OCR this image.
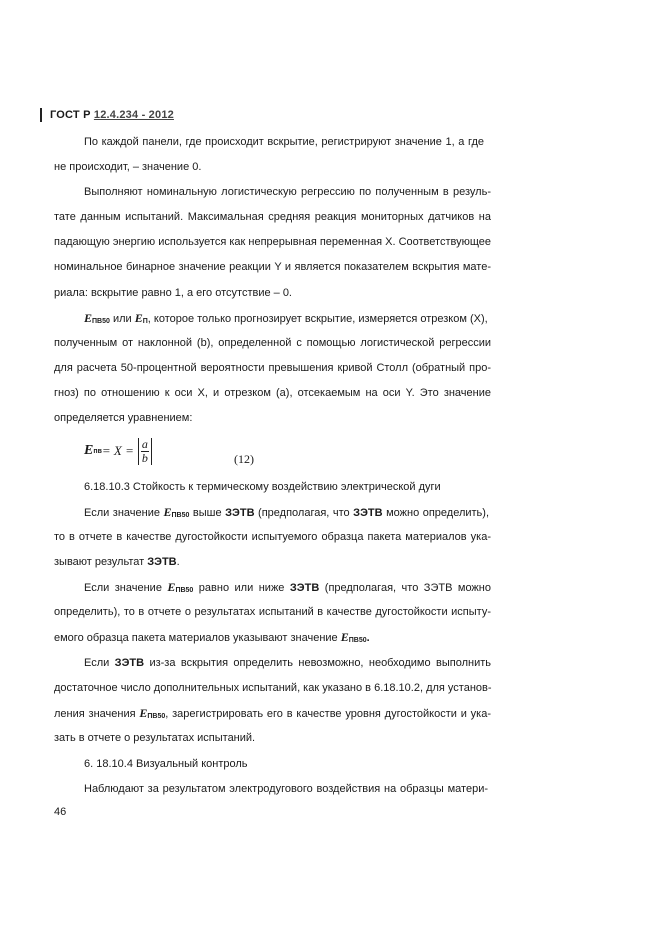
ГОСТ Р 12.4.234 - 2012
По каждой панели, где происходит вскрытие, регистрируют значение 1, а где
не происходит, – значение 0.
Выполняют номинальную логистическую регрессию по полученным в резуль-
тате данным испытаний. Максимальная средняя реакция мониторных датчиков на
падающую энергию используется как непрерывная переменная X. Соответствующее
номинальное бинарное значение реакции Y и является показателем вскрытия мате-
риала: вскрытие равно 1, а его отсутствие – 0.
EПВ50 или EП, которое только прогнозирует вскрытие, измеряется отрезком (X),
полученным от наклонной (b), определенной с помощью логистической регрессии
для расчета 50-процентной вероятности превышения кривой Столл (обратный про-
гноз) по отношению к оси X, и отрезком (a), отсекаемым на оси Y. Это значение
определяется уравнением:
E пв = $X = \frac{a}{b}$	(12)
6.18.10.3 Стойкость к термическому воздействию электрической дуги
Если значение EПВ50 выше ЗЭТВ (предполагая, что ЗЭТВ можно определить),
то в отчете в качестве дугостойкости испытуемого образца пакета материалов ука-
зывают результат ЗЭТВ.
Если значение EПВ50 равно или ниже ЗЭТВ (предполагая, что ЗЭТВ можно
определить), то в отчете о результатах испытаний в качестве дугостойкости испыту-
емого образца пакета материалов указывают значение EПВ50.
Если ЗЭТВ из-за вскрытия определить невозможно, необходимо выполнить
достаточное число дополнительных испытаний, как указано в 6.18.10.2, для установ-
ления значения EПВ50, зарегистрировать его в качестве уровня дугостойкости и ука-
зать в отчете о результатах испытаний.
6. 18.10.4 Визуальный контроль
Наблюдают за результатом электродугового воздействия на образцы матери-
46
